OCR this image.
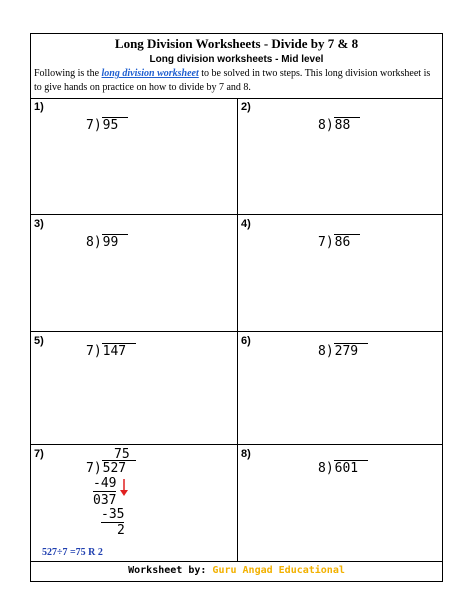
Long Division Worksheets - Divide by 7 & 8
Long division worksheets - Mid level
Following is the long division worksheet to be solved in two steps. This long division worksheet is to give hands on practice on how to divide by 7 and 8.
1)
7)95
2)
8)88
3)
8)99
4)
7)86
5)
7)147
6)
8)279
7)	75
7)527
-49
037
-35
2
527÷7 =75 R 2
8)
8)601
Worksheet by: Guru Angad Educational
